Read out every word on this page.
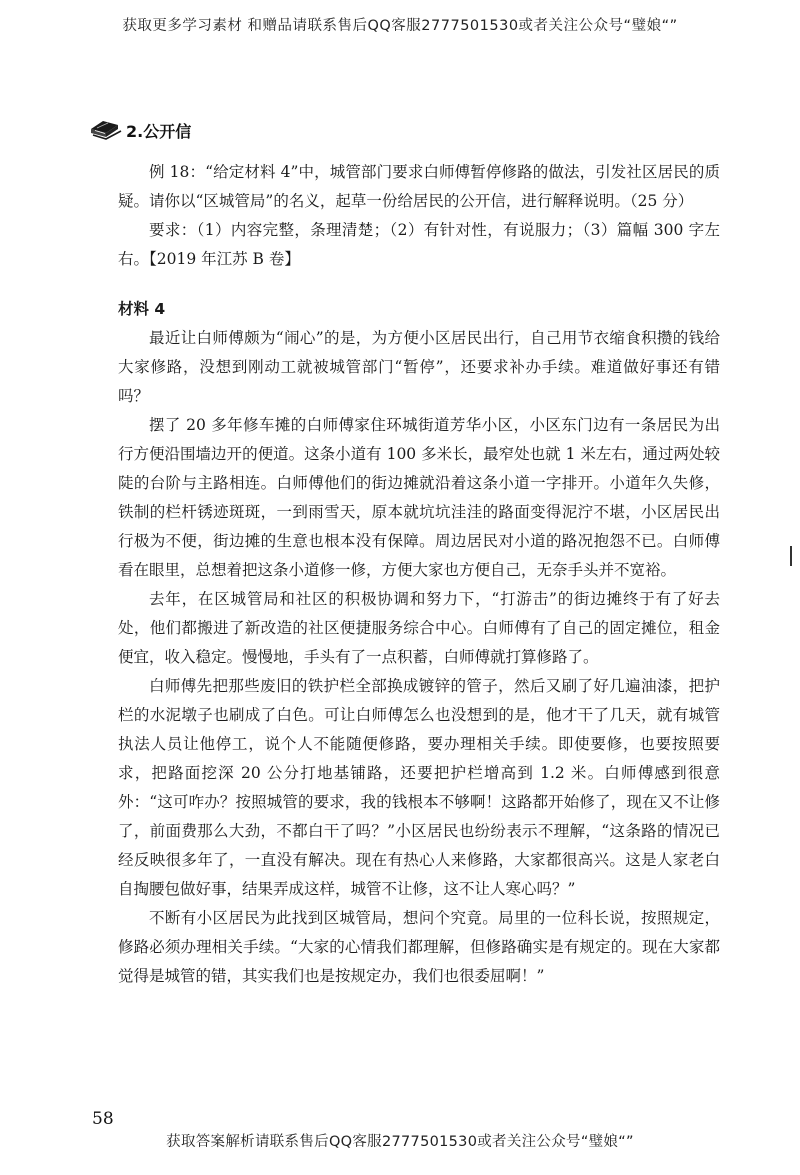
获取更多学习素材 和赠品请联系售后QQ客服2777501530或者关注公众号“璧娘“”
2.公开信

例 18：“给定材料 4”中，城管部门要求白师傅暂停修路的做法，引发社区居民的质疑。请你以“区城管局”的名义，起草一份给居民的公开信，进行解释说明。（25 分）

要求：（1）内容完整，条理清楚；（2）有针对性，有说服力；（3）篇幅 300 字左右。【2019 年江苏 B 卷】

材料 4

最近让白师傅颇为“闹心”的是，为方便小区居民出行，自己用节衣缩食积攒的钱给大家修路，没想到刚动工就被城管部门“暂停”，还要求补办手续。难道做好事还有错吗？

摆了 20 多年修车摊的白师傅家住环城街道芳华小区，小区东门边有一条居民为出行方便沿围墙边开的便道。这条小道有 100 多米长，最窄处也就 1 米左右，通过两处较陡的台阶与主路相连。白师傅他们的街边摊就沿着这条小道一字排开。小道年久失修，铁制的栏杆锈迹斑斑，一到雨雪天，原本就坑坑洼洼的路面变得泥泞不堪，小区居民出行极为不便，街边摊的生意也根本没有保障。周边居民对小道的路况抱怨不已。白师傅看在眼里，总想着把这条小道修一修，方便大家也方便自己，无奈手头并不宽裕。

去年，在区城管局和社区的积极协调和努力下，“打游击”的街边摊终于有了好去处，他们都搬进了新改造的社区便捷服务综合中心。白师傅有了自己的固定摊位，租金便宜，收入稳定。慢慢地，手头有了一点积蓄，白师傅就打算修路了。

白师傅先把那些废旧的铁护栏全部换成镀锌的管子，然后又刷了好几遍油漆，把护栏的水泥墩子也刷成了白色。可让白师傅怎么也没想到的是，他才干了几天，就有城管执法人员让他停工，说个人不能随便修路，要办理相关手续。即使要修，也要按照要求，把路面挖深 20 公分打地基铺路，还要把护栏增高到 1.2 米。白师傅感到很意外：“这可咋办？按照城管的要求，我的钱根本不够啊！这路都开始修了，现在又不让修了，前面费那么大劲，不都白干了吗？”小区居民也纷纷表示不理解，“这条路的情况已经反映很多年了，一直没有解决。现在有热心人来修路，大家都很高兴。这是人家老白自掏腰包做好事，结果弄成这样，城管不让修，这不让人寒心吗？”

不断有小区居民为此找到区城管局，想问个究竟。局里的一位科长说，按照规定，修路必须办理相关手续。“大家的心情我们都理解，但修路确实是有规定的。现在大家都觉得是城管的错，其实我们也是按规定办，我们也很委屈啊！”

58
获取答案解析请联系售后QQ客服2777501530或者关注公众号“璧娘“”
